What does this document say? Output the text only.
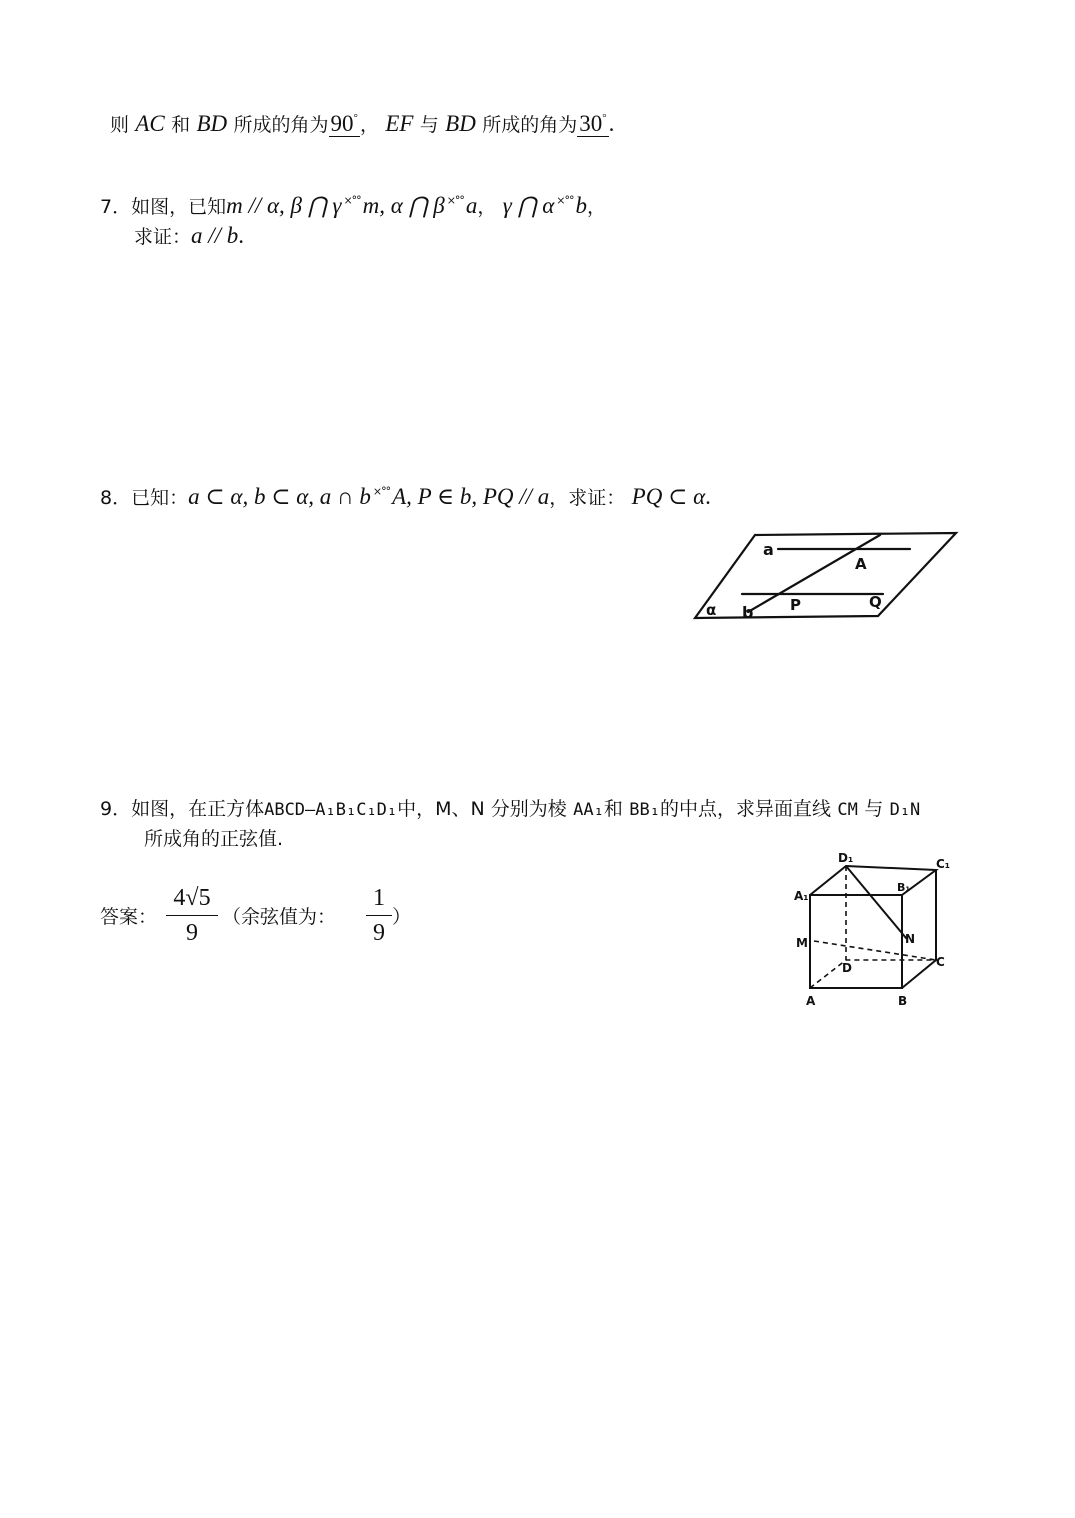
则 AC 和 BD 所成的角为90° ， EF 与 BD 所成的角为30°.
7．如图，已知m // α, β ⋂ γ ×°°m, α ⋂ β ×°°a， γ ⋂ α ×°°b，
求证：a // b.
8．已知：a ⊂ α, b ⊂ α, a ∩ b ×°°A, P ∈ b, PQ // a，求证： PQ ⊂ α.
a
A
α b P	Q
9．如图，在正方体ABCD—A₁B₁C₁D₁中，M、N 分别为棱 AA₁和 BB₁的中点，求异面直线 CM 与 D₁N
所成角的正弦值.
答案：
4√5
9
（余弦值为：
1
9
）
D₁	C₁
A₁
B₁
M	N
D	C
A	B
